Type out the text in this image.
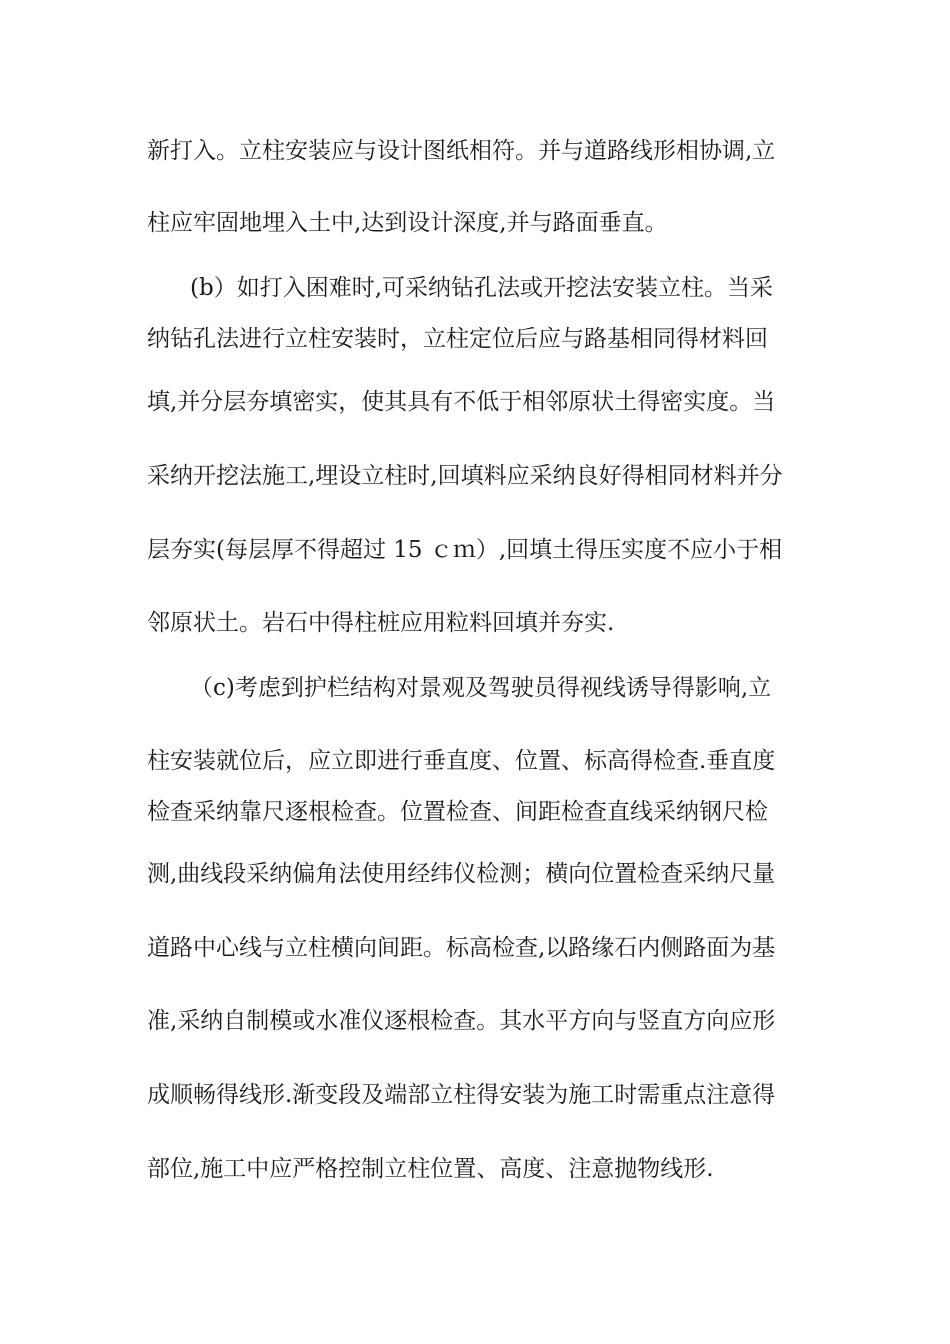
新打入。立柱安装应与设计图纸相符。并与道路线形相协调,立
柱应牢固地埋入土中,达到设计深度,并与路面垂直。
(b）如打入困难时,可采纳钻孔法或开挖法安装立柱。当采
纳钻孔法进行立柱安装时，立柱定位后应与路基相同得材料回
填,并分层夯填密实，使其具有不低于相邻原状土得密实度。当
采纳开挖法施工,埋设立柱时,回填料应采纳良好得相同材料并分
层夯实(每层厚不得超过 15 ｃｍ）,回填土得压实度不应小于相
邻原状土。岩石中得柱桩应用粒料回填并夯实.
（c)考虑到护栏结构对景观及驾驶员得视线诱导得影响,立
柱安装就位后，应立即进行垂直度、位置、标高得检查.垂直度
检查采纳靠尺逐根检查。位置检查、间距检查直线采纳钢尺检
测,曲线段采纳偏角法使用经纬仪检测；横向位置检查采纳尺量
道路中心线与立柱横向间距。标高检查,以路缘石内侧路面为基
准,采纳自制模或水准仪逐根检查。其水平方向与竖直方向应形
成顺畅得线形.渐变段及端部立柱得安装为施工时需重点注意得
部位,施工中应严格控制立柱位置、高度、注意抛物线形.
